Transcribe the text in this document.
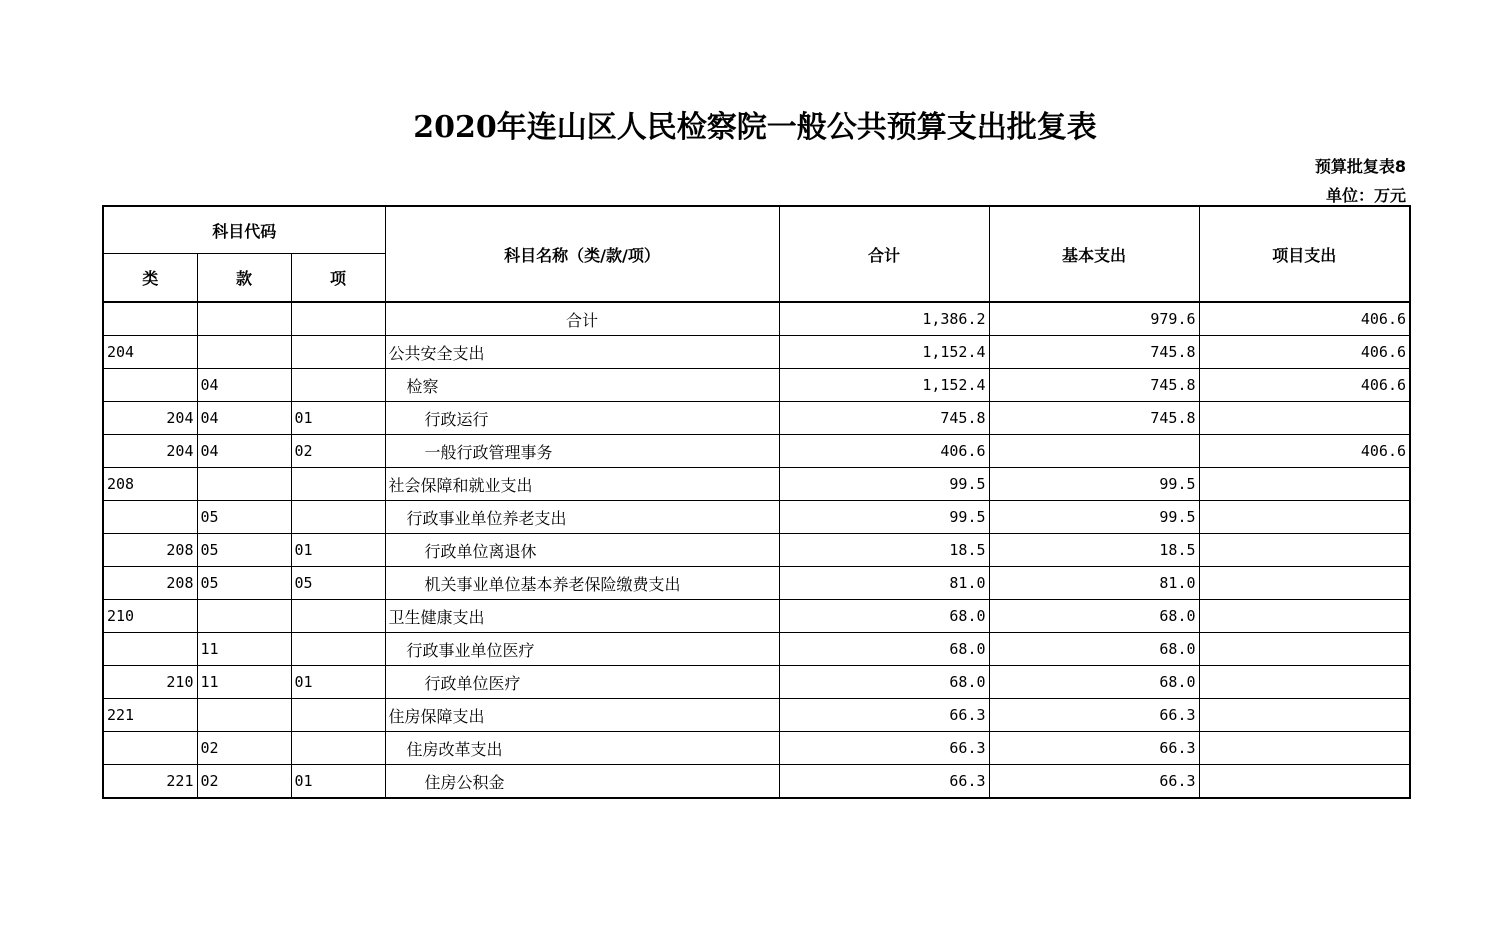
2020年连山区人民检察院一般公共预算支出批复表
预算批复表8
单位：万元
科目代码			科目名称（类/款/项）	合计	基本支出	项目支出
类	款	项				
			合计	1,386.2	979.6	406.6
204			公共安全支出	1,152.4	745.8	406.6
	04		检察	1,152.4	745.8	406.6
204	04	01	行政运行	745.8	745.8	
204	04	02	一般行政管理事务	406.6		406.6
208			社会保障和就业支出	99.5	99.5	
	05		行政事业单位养老支出	99.5	99.5	
208	05	01	行政单位离退休	18.5	18.5	
208	05	05	机关事业单位基本养老保险缴费支出	81.0	81.0	
210			卫生健康支出	68.0	68.0	
	11		行政事业单位医疗	68.0	68.0	
210	11	01	行政单位医疗	68.0	68.0	
221			住房保障支出	66.3	66.3	
	02		住房改革支出	66.3	66.3	
221	02	01	住房公积金	66.3	66.3	
